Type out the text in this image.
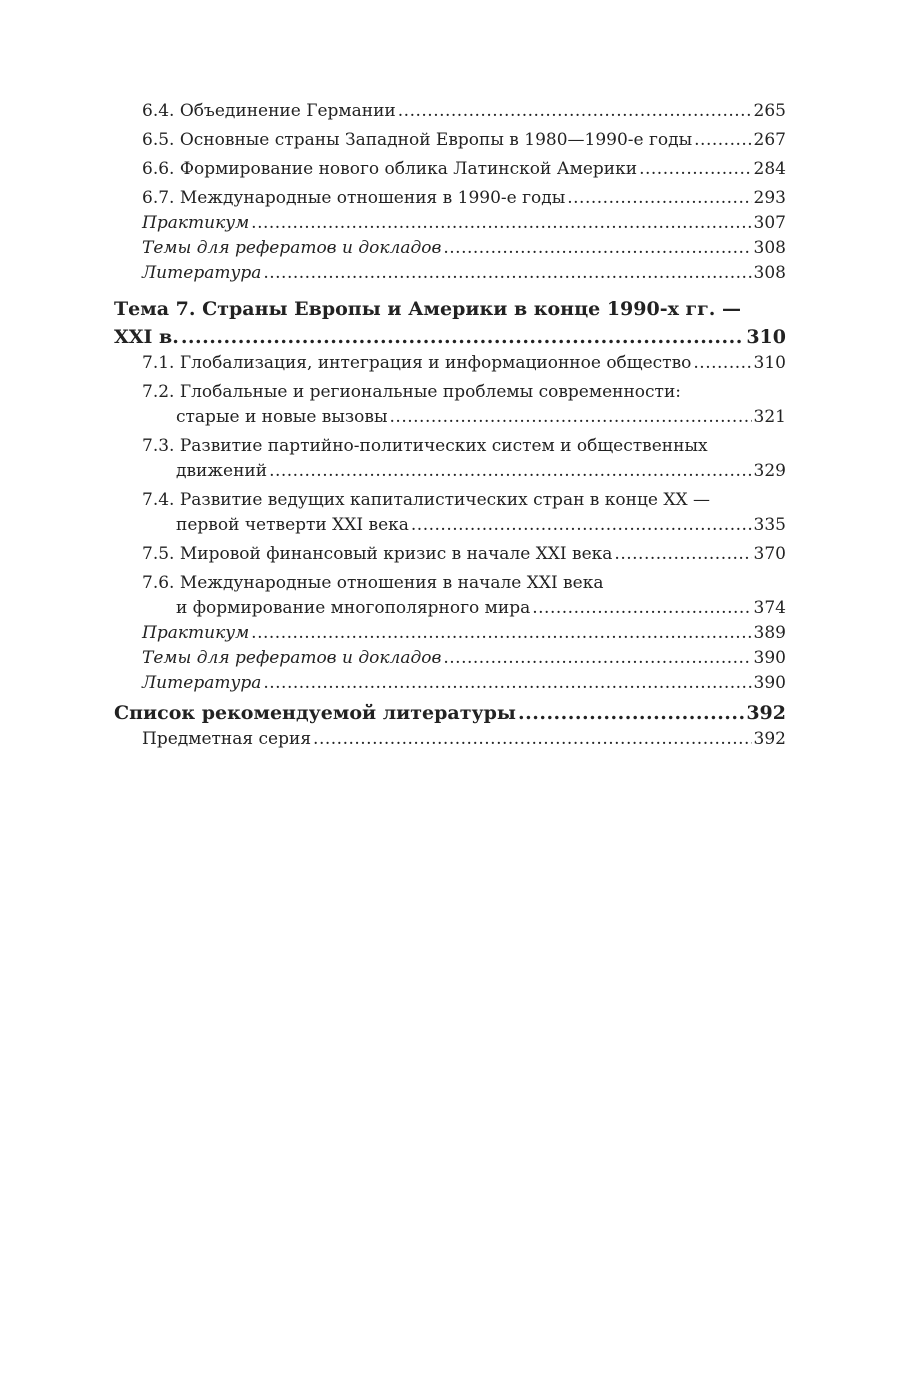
6.4. Объединение Германии .....	265
6.5. Основные страны Западной Европы в 1980—1990-е годы .....	267
6.6. Формирование нового облика Латинской Америки .....	284
6.7. Международные отношения в 1990-е годы .....	293
Практикум .....	307
Темы для рефератов и докладов .....	308
Литература .....	308
Тема 7. Страны Европы и Америки в конце 1990-х гг. —
XXI в. .....	310
7.1. Глобализация, интеграция и информационное общество .....	310
7.2. Глобальные и региональные проблемы современности:
старые и новые вызовы .....	321
7.3. Развитие партийно-политических систем и общественных
движений .....	329
7.4. Развитие ведущих капиталистических стран в конце XX —
первой четверти XXI века .....	335
7.5. Мировой финансовый кризис в начале XXI века .....	370
7.6. Международные отношения в начале XXI века
и формирование многополярного мира .....	374
Практикум .....	389
Темы для рефератов и докладов .....	390
Литература .....	390
Список рекомендуемой литературы .....	392
Предметная серия .....	392
